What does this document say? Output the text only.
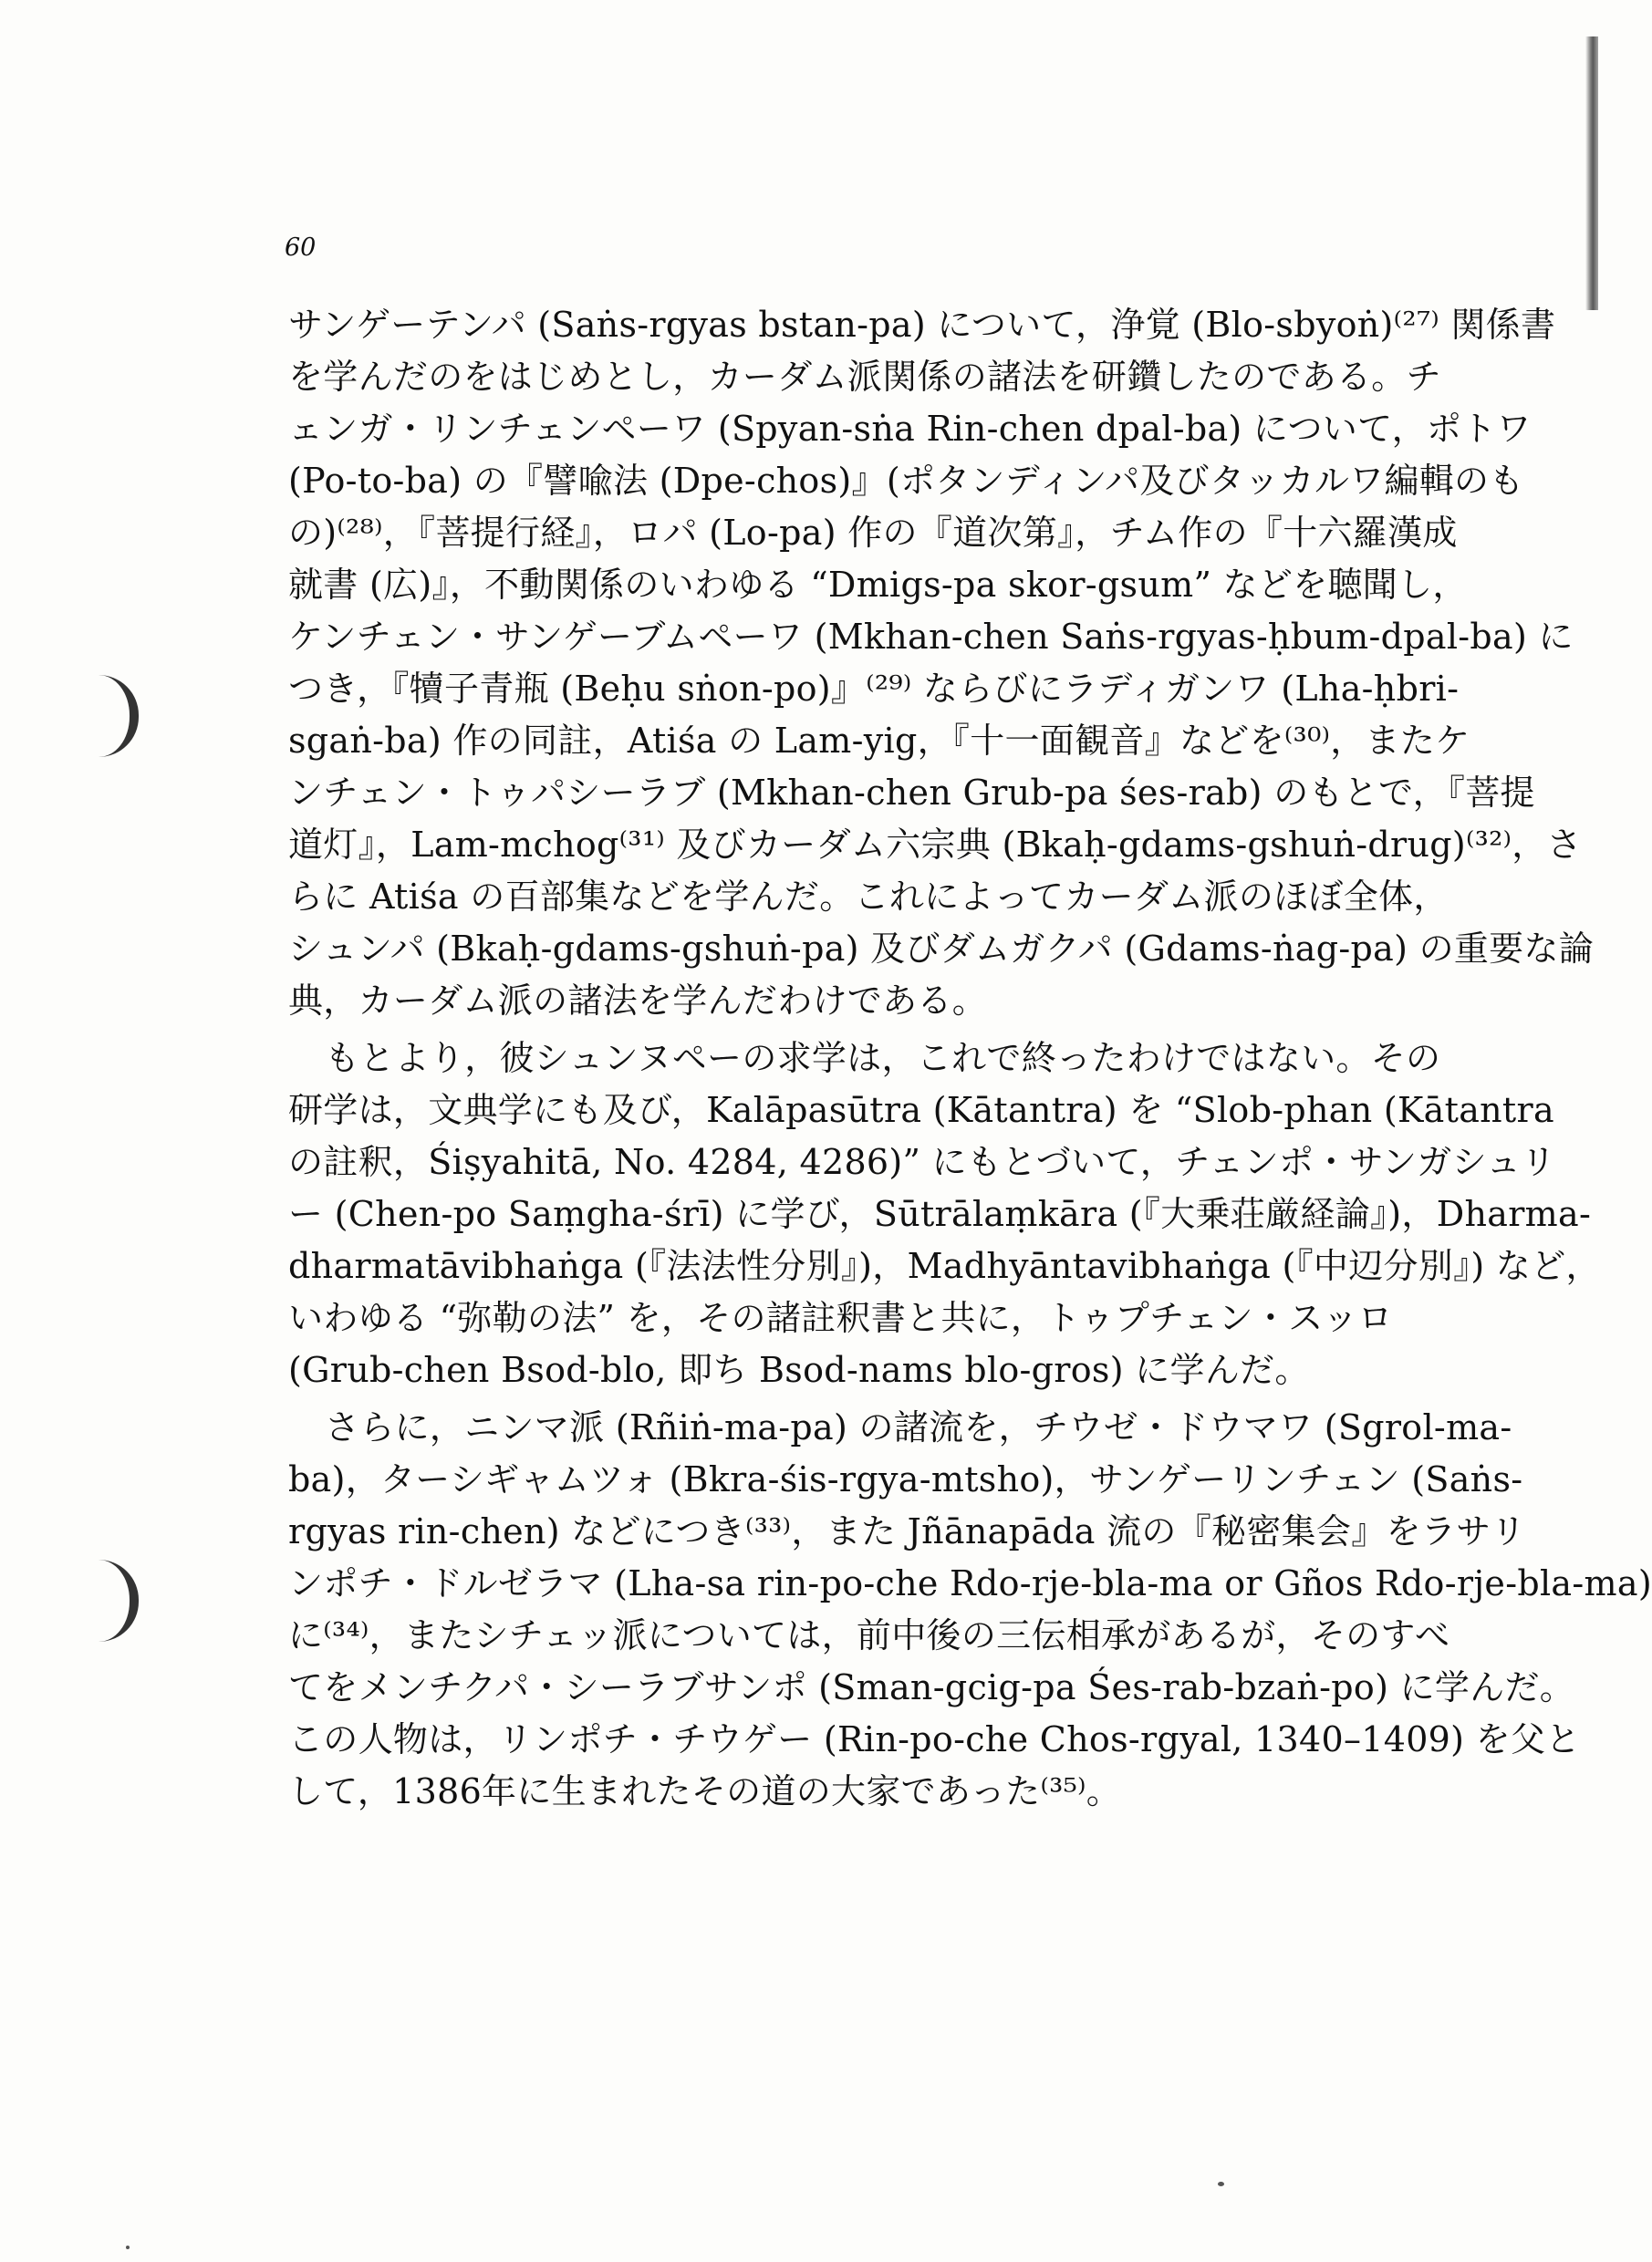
60
サンゲーテンパ (Saṅs-rgyas bstan-pa) について，浄覚 (Blo-sbyoṅ)⁽²⁷⁾ 関係書
を学んだのをはじめとし，カーダム派関係の諸法を研鑽したのである。チ
ェンガ・リンチェンペーワ (Spyan-sṅa Rin-chen dpal-ba) について，ポトワ
(Po-to-ba) の『譬喩法 (Dpe-chos)』(ポタンディンパ及びタッカルワ編輯のも
の)⁽²⁸⁾，『菩提行経』，ロパ (Lo-pa) 作の『道次第』，チム作の『十六羅漢成
就書 (広)』，不動関係のいわゆる “Dmigs-pa skor-gsum” などを聴聞し，
ケンチェン・サンゲーブムペーワ (Mkhan-chen Saṅs-rgyas-ḥbum-dpal-ba) に
つき，『犢子青瓶 (Beḥu sṅon-po)』⁽²⁹⁾ ならびにラディガンワ (Lha-ḥbri-
sgaṅ-ba) 作の同註，Atiśa の Lam-yig，『十一面観音』などを⁽³⁰⁾，またケ
ンチェン・トゥパシーラブ (Mkhan-chen Grub-pa śes-rab) のもとで，『菩提
道灯』，Lam-mchog⁽³¹⁾ 及びカーダム六宗典 (Bkaḥ-gdams-gshuṅ-drug)⁽³²⁾，さ
らに Atiśa の百部集などを学んだ。これによってカーダム派のほぼ全体，
シュンパ (Bkaḥ-gdams-gshuṅ-pa) 及びダムガクパ (Gdams-ṅag-pa) の重要な論
典，カーダム派の諸法を学んだわけである。
もとより，彼シュンヌペーの求学は，これで終ったわけではない。その
研学は，文典学にも及び，Kalāpasūtra (Kātantra) を “Slob-phan (Kātantra
の註釈，Śiṣyahitā, No. 4284, 4286)” にもとづいて，チェンポ・サンガシュリ
ー (Chen-po Saṃgha-śrī) に学び，Sūtrālaṃkāra (『大乗荘厳経論』)，Dharma-
dharmatāvibhaṅga (『法法性分別』)，Madhyāntavibhaṅga (『中辺分別』) など，
いわゆる “弥勒の法” を，その諸註釈書と共に，トゥプチェン・スッロ
(Grub-chen Bsod-blo, 即ち Bsod-nams blo-gros) に学んだ。
さらに，ニンマ派 (Rñiṅ-ma-pa) の諸流を，チウゼ・ドウマワ (Sgrol-ma-
ba)，ターシギャムツォ (Bkra-śis-rgya-mtsho)，サンゲーリンチェン (Saṅs-
rgyas rin-chen) などにつき⁽³³⁾，また Jñānapāda 流の『秘密集会』をラサリ
ンポチ・ドルゼラマ (Lha-sa rin-po-che Rdo-rje-bla-ma or Gños Rdo-rje-bla-ma)
に⁽³⁴⁾，またシチェッ派については，前中後の三伝相承があるが，そのすべ
てをメンチクパ・シーラブサンポ (Sman-gcig-pa Śes-rab-bzaṅ-po) に学んだ。
この人物は，リンポチ・チウゲー (Rin-po-che Chos-rgyal, 1340–1409) を父と
して，1386年に生まれたその道の大家であった⁽³⁵⁾。
